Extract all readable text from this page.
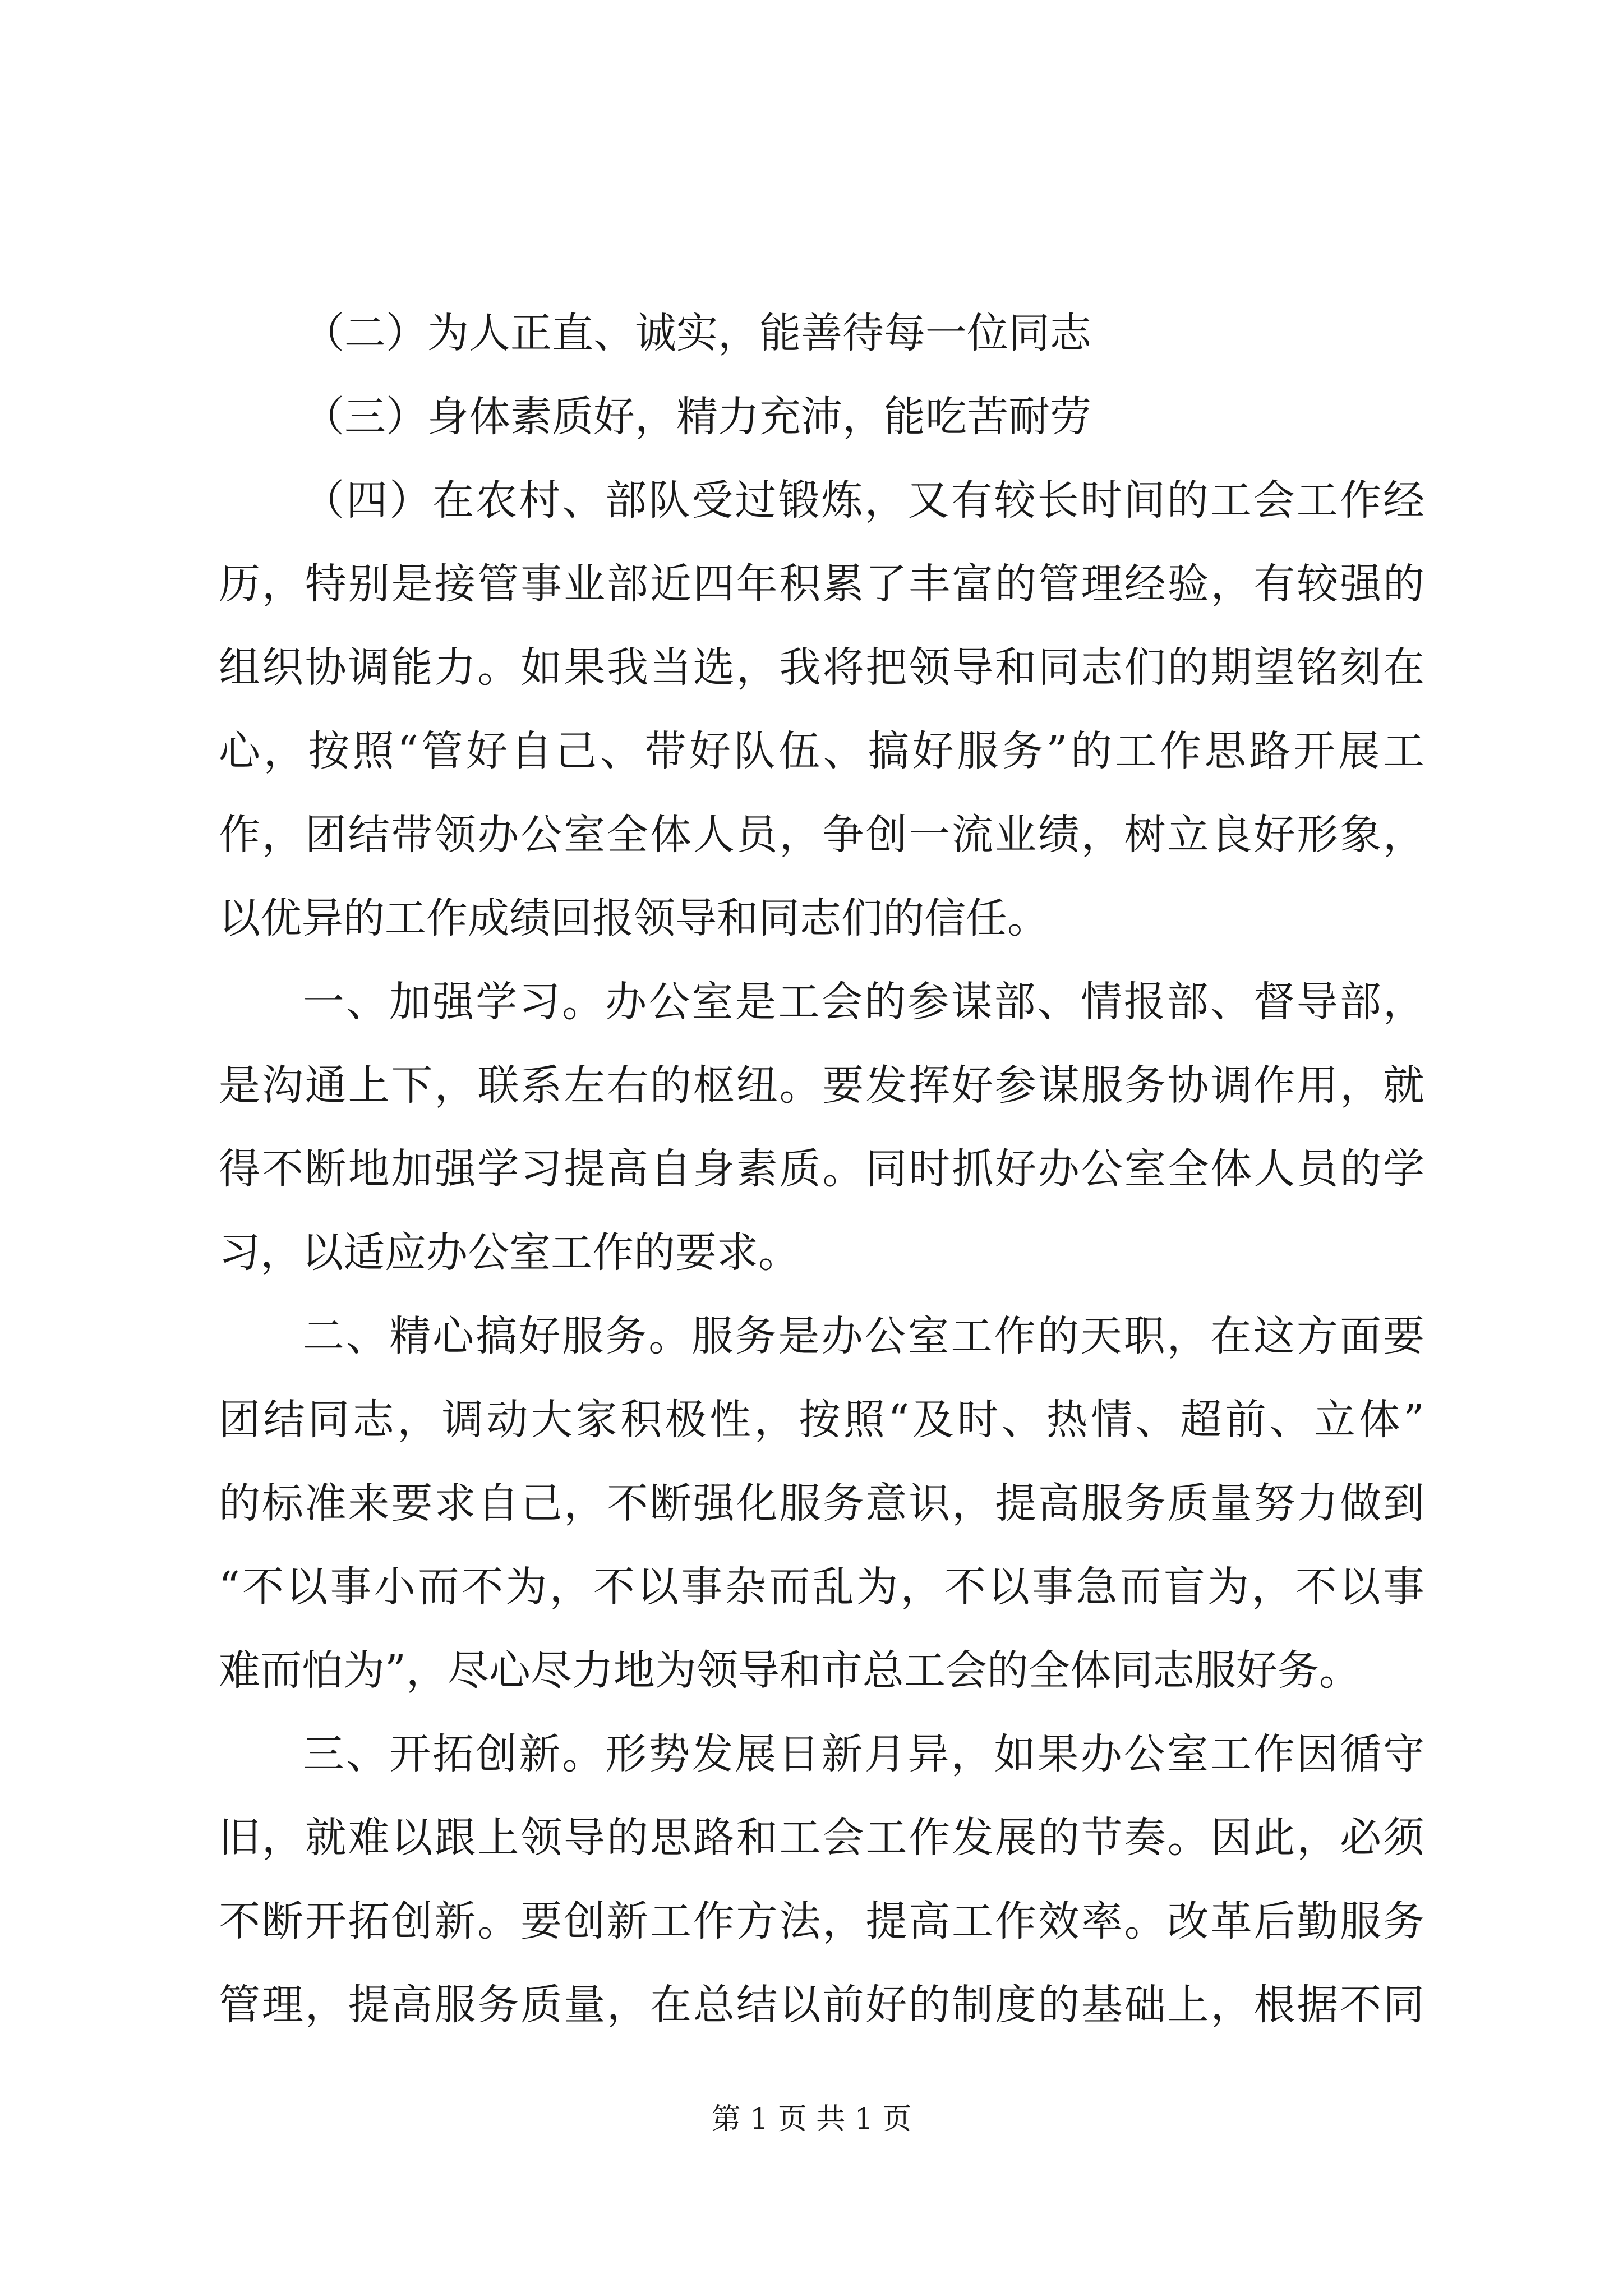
（二）为人正直、诚实，能善待每一位同志
（三）身体素质好，精力充沛，能吃苦耐劳
（四）在农村、部队受过锻炼，又有较长时间的工会工作经
历，特别是接管事业部近四年积累了丰富的管理经验，有较强的
组织协调能力。如果我当选，我将把领导和同志们的期望铭刻在
心，按照“管好自己、带好队伍、搞好服务”的工作思路开展工
作，团结带领办公室全体人员，争创一流业绩，树立良好形象，
以优异的工作成绩回报领导和同志们的信任。
一、加强学习。办公室是工会的参谋部、情报部、督导部，
是沟通上下，联系左右的枢纽。要发挥好参谋服务协调作用，就
得不断地加强学习提高自身素质。同时抓好办公室全体人员的学
习，以适应办公室工作的要求。
二、精心搞好服务。服务是办公室工作的天职，在这方面要
团结同志，调动大家积极性，按照“及时、热情、超前、立体”
的标准来要求自己，不断强化服务意识，提高服务质量努力做到
“不以事小而不为，不以事杂而乱为，不以事急而盲为，不以事
难而怕为”，尽心尽力地为领导和市总工会的全体同志服好务。
三、开拓创新。形势发展日新月异，如果办公室工作因循守
旧，就难以跟上领导的思路和工会工作发展的节奏。因此，必须
不断开拓创新。要创新工作方法，提高工作效率。改革后勤服务
管理，提高服务质量，在总结以前好的制度的基础上，根据不同
第 1 页 共 1 页
